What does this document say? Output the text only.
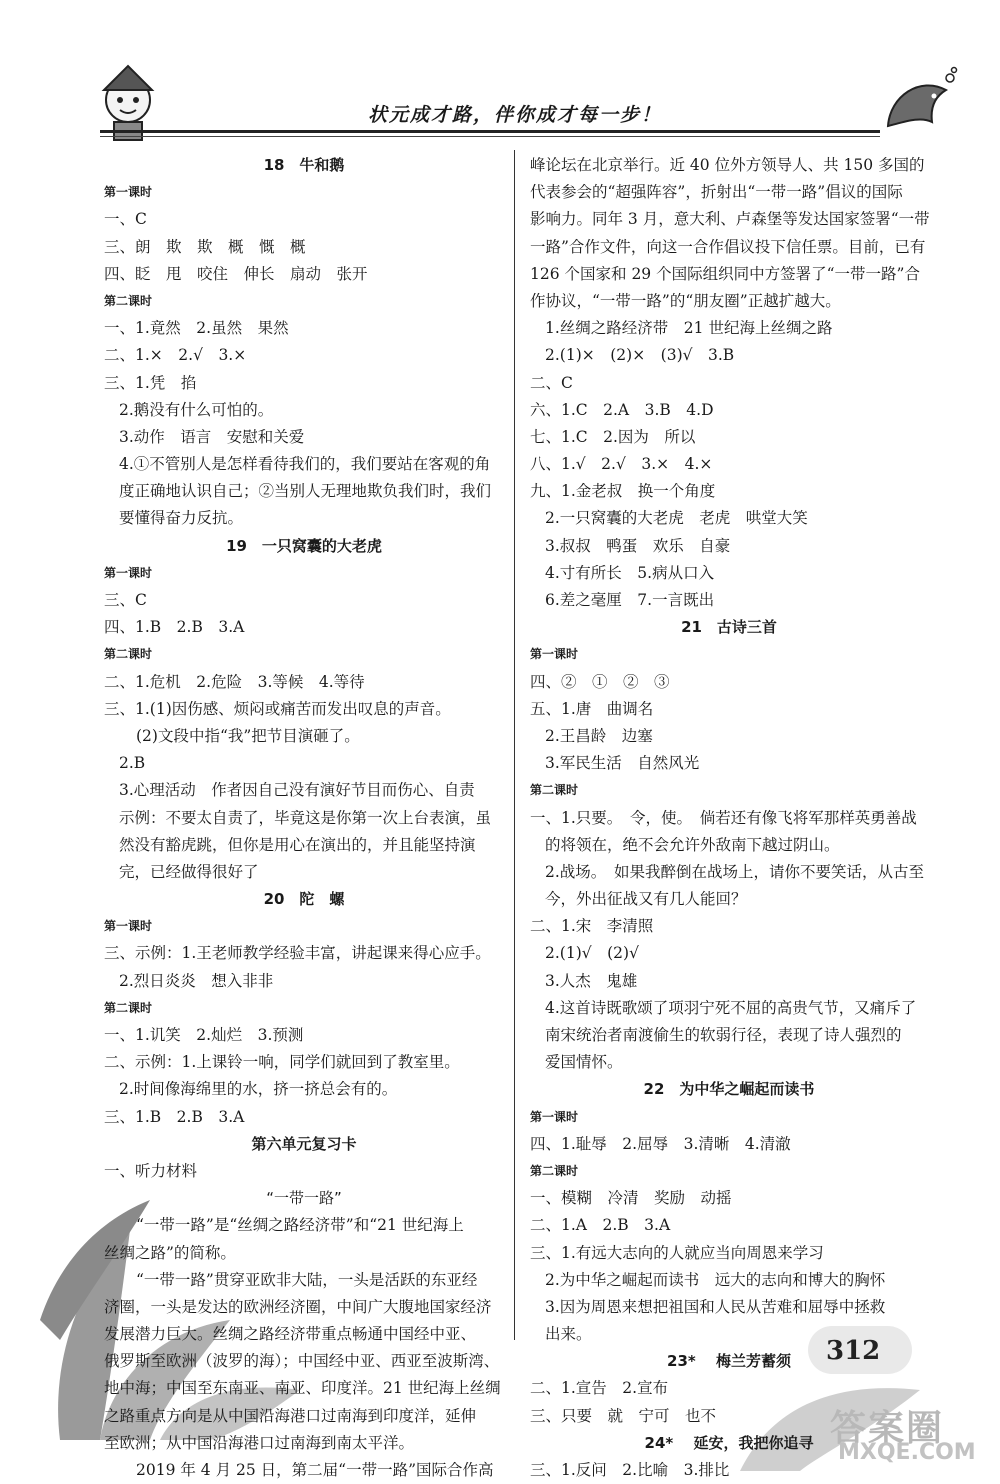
状元成才路，伴你成才每一步！
18　牛和鹅
第一课时
一、C
三、朗　欺　欺　概　慨　概
四、眨　甩　咬住　伸长　扇动　张开
第二课时
一、1.竟然　2.虽然　果然
二、1.×　2.√　3.×
三、1.凭　掐
2.鹅没有什么可怕的。
3.动作　语言　安慰和关爱
4.①不管别人是怎样看待我们的，我们要站在客观的角
度正确地认识自己；②当别人无理地欺负我们时，我们
要懂得奋力反抗。
19　一只窝囊的大老虎
第一课时
三、C
四、1.B　2.B　3.A
第二课时
二、1.危机　2.危险　3.等候　4.等待
三、1.(1)因伤感、烦闷或痛苦而发出叹息的声音。
(2)文段中指“我”把节目演砸了。
2.B
3.心理活动　作者因自己没有演好节目而伤心、自责
示例：不要太自责了，毕竟这是你第一次上台表演，虽
然没有豁虎跳，但你是用心在演出的，并且能坚持演
完，已经做得很好了
20　陀　螺
第一课时
三、示例：1.王老师教学经验丰富，讲起课来得心应手。
2.烈日炎炎　想入非非
第二课时
一、1.讥笑　2.灿烂　3.预测
二、示例：1.上课铃一响，同学们就回到了教室里。
2.时间像海绵里的水，挤一挤总会有的。
三、1.B　2.B　3.A
第六单元复习卡
一、听力材料
“一带一路”
“一带一路”是“丝绸之路经济带”和“21 世纪海上
丝绸之路”的简称。
“一带一路”贯穿亚欧非大陆，一头是活跃的东亚经
济圈，一头是发达的欧洲经济圈，中间广大腹地国家经济
发展潜力巨大。丝绸之路经济带重点畅通中国经中亚、
俄罗斯至欧洲（波罗的海）；中国经中亚、西亚至波斯湾、
地中海；中国至东南亚、南亚、印度洋。21 世纪海上丝绸
之路重点方向是从中国沿海港口过南海到印度洋，延伸
至欧洲；从中国沿海港口过南海到南太平洋。
2019 年 4 月 25 日，第二届“一带一路”国际合作高
峰论坛在北京举行。近 40 位外方领导人、共 150 多国的
代表参会的“超强阵容”，折射出“一带一路”倡议的国际
影响力。同年 3 月，意大利、卢森堡等发达国家签署“一带
一路”合作文件，向这一合作倡议投下信任票。目前，已有
126 个国家和 29 个国际组织同中方签署了“一带一路”合
作协议，“一带一路”的“朋友圈”正越扩越大。
1.丝绸之路经济带　21 世纪海上丝绸之路
2.(1)×　(2)×　(3)√　3.B
二、C
六、1.C　2.A　3.B　4.D
七、1.C　2.因为　所以
八、1.√　2.√　3.×　4.×
九、1.金老叔　换一个角度
2.一只窝囊的大老虎　老虎　哄堂大笑
3.叔叔　鸭蛋　欢乐　自豪
4.寸有所长　5.病从口入
6.差之毫厘　7.一言既出
21　古诗三首
第一课时
四、②　①　②　③
五、1.唐　曲调名
2.王昌龄　边塞
3.军民生活　自然风光
第二课时
一、1.只要。　令，使。　倘若还有像飞将军那样英勇善战
的将领在，绝不会允许外敌南下越过阴山。
2.战场。　如果我醉倒在战场上，请你不要笑话，从古至
今，外出征战又有几人能回？
二、1.宋　李清照
2.(1)√　(2)√
3.人杰　鬼雄
4.这首诗既歌颂了项羽宁死不屈的高贵气节，又痛斥了
南宋统治者南渡偷生的软弱行径，表现了诗人强烈的
爱国情怀。
22　为中华之崛起而读书
第一课时
四、1.耻辱　2.屈辱　3.清晰　4.清澈
第二课时
一、模糊　冷清　奖励　动摇
二、1.A　2.B　3.A
三、1.有远大志向的人就应当向周恩来学习
2.为中华之崛起而读书　远大的志向和博大的胸怀
3.因为周恩来想把祖国和人民从苦难和屈辱中拯救
出来。
23* 　梅兰芳蓄须
二、1.宣告　2.宣布
三、只要　就　宁可　也不
24* 　延安，我把你追寻
三、1.反问　2.比喻　3.排比
312
答案圈
MXQE.COM
